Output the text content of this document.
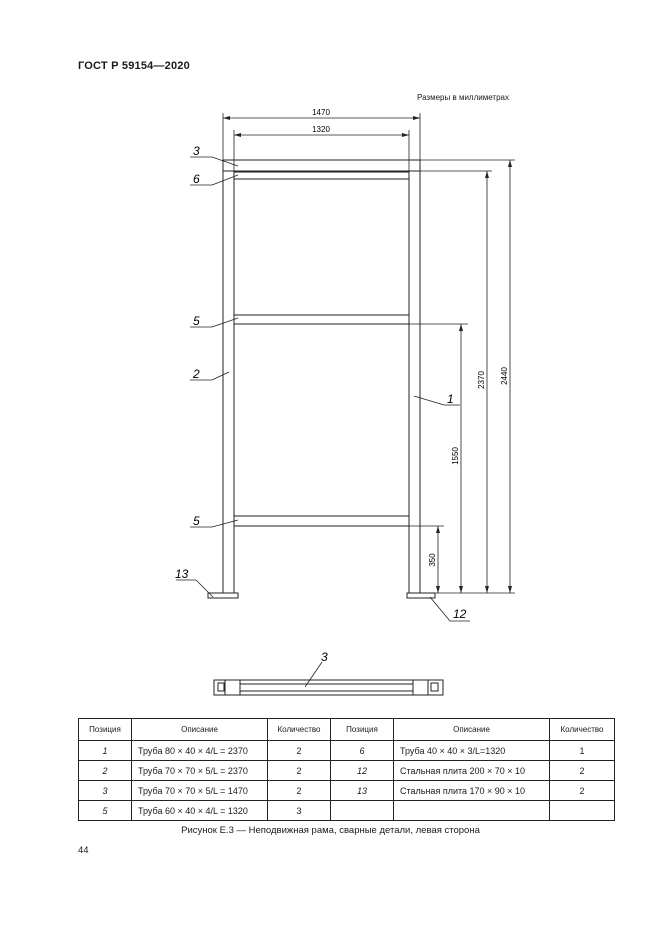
ГОСТ Р 59154—2020
Размеры в миллиметрах
1470
1320
2440
2370
1550
350
3
6
5
2
1
5
13
12
3
Позиция	Описание	Количество	Позиция	Описание	Количество
1	Труба 80 × 40 × 4/L = 2370	2	6	Труба 40 × 40 × 3/L=1320	1
2	Труба 70 × 70 × 5/L = 2370	2	12	Стальная плита 200 × 70 × 10	2
3	Труба 70 × 70 × 5/L = 1470	2	13	Стальная плита 170 × 90 × 10	2
5	Труба 60 × 40 × 4/L = 1320	3			
Рисунок Е.3 — Неподвижная рама, сварные детали, левая сторона
44
